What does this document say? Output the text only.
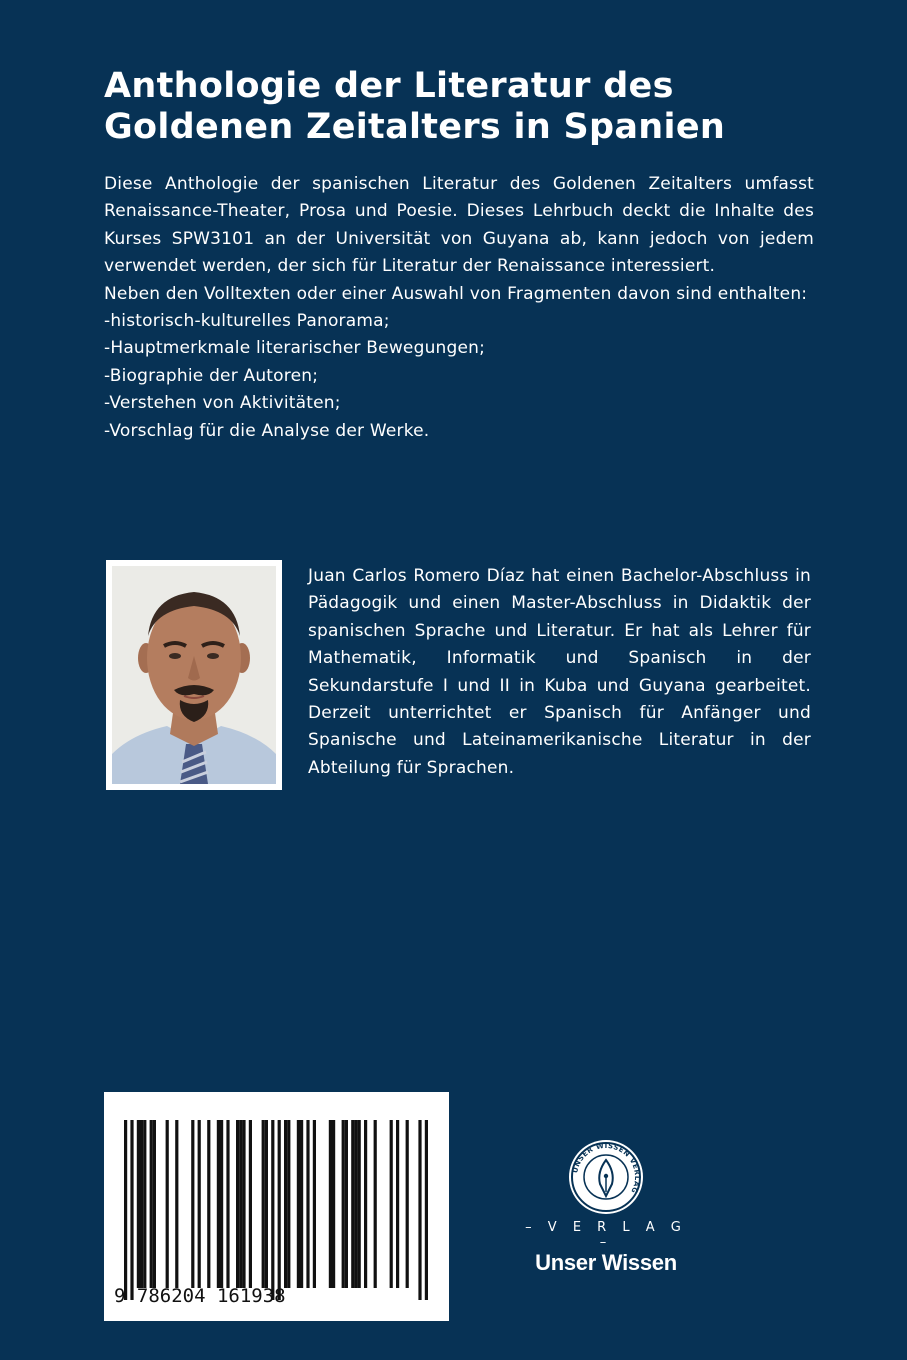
Anthologie der Literatur des
Goldenen Zeitalters in Spanien

Diese Anthologie der spanischen Literatur des Goldenen Zeitalters umfasst Renaissance-Theater, Prosa und Poesie. Dieses Lehrbuch deckt die Inhalte des Kurses SPW3101 an der Universität von Guyana ab, kann jedoch von jedem verwendet werden, der sich für Literatur der Renaissance interessiert.

Neben den Volltexten oder einer Auswahl von Fragmenten davon sind enthalten:

-historisch-kulturelles Panorama;
-Hauptmerkmale literarischer Bewegungen;
-Biographie der Autoren;
-Verstehen von Aktivitäten;
-Vorschlag für die Analyse der Werke.

Juan Carlos Romero Díaz hat einen Bachelor-Abschluss in Pädagogik und einen Master-Abschluss in Didaktik der spanischen Sprache und Literatur. Er hat als Lehrer für Mathematik, Informatik und Spanisch in der Sekundarstufe I und II in Kuba und Guyana gearbeitet. Derzeit unterrichtet er Spanisch für Anfänger und Spanische und Lateinamerikanische Literatur in der Abteilung für Sprachen.

9 786204 161938
UNSER WISSEN VERLAG
– V E R L A G –
Unser Wissen
